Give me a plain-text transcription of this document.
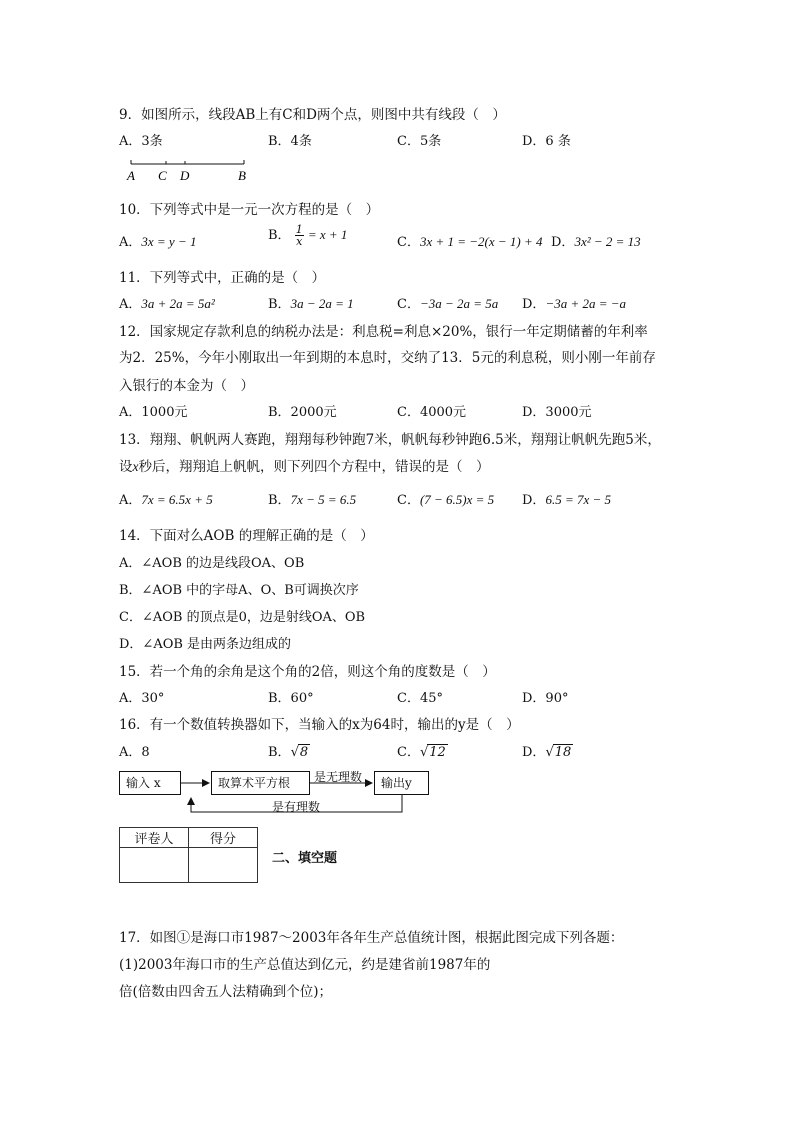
9．如图所示，线段AB上有C和D两个点，则图中共有线段（　）
A．3条	B．4条	C．5条	D．6 条
A C D	B
10．下列等式中是一元一次方程的是（　）
A．3x = y − 1	B． $\frac{1}{x} = x + 1$
C．3x + 1 = −2(x − 1) + 4 D．3x² − 2 = 13
11．下列等式中，正确的是（　）
A．3a + 2a = 5a²	B．3a − 2a = 1	C．−3a − 2a = 5a D．−3a + 2a = −a
12．国家规定存款利息的纳税办法是：利息税=利息×20%，银行一年定期储蓄的年利率
为2．25%，今年小刚取出一年到期的本息时，交纳了13．5元的利息税，则小刚一年前存
入银行的本金为（　）
A．1000元	B．2000元	C．4000元	D．3000元
13．翔翔、帆帆两人赛跑，翔翔每秒钟跑7米，帆帆每秒钟跑6.5米，翔翔让帆帆先跑5米，
设x秒后，翔翔追上帆帆，则下列四个方程中，错误的是（　）
A．7x = 6.5x + 5	B．7x − 5 = 6.5	C．(7 − 6.5)x = 5 D．6.5 = 7x − 5
14．下面对么AOB 的理解正确的是（　）
A．∠AOB 的边是线段OA、OB
B．∠AOB 中的字母A、O、B可调换次序
C．∠AOB 的顶点是0，边是射线OA、OB
D．∠AOB 是由两条边组成的
15．若一个角的余角是这个角的2倍，则这个角的度数是（　）
A．30°	B．60°	C．45°	D．90°
16．有一个数值转换器如下，当输入的x为64时，输出的y是（　）
A．8	B．√8	C．√12	D．√18
输入 x	取算术平方根	输出y
是无理数
是有理数
评卷人	得分

二、填空题
17．如图①是海口市1987～2003年各年生产总值统计图，根据此图完成下列各题：
(1)2003年海口市的生产总值达到亿元，约是建省前1987年的
倍(倍数由四舍五人法精确到个位)；
